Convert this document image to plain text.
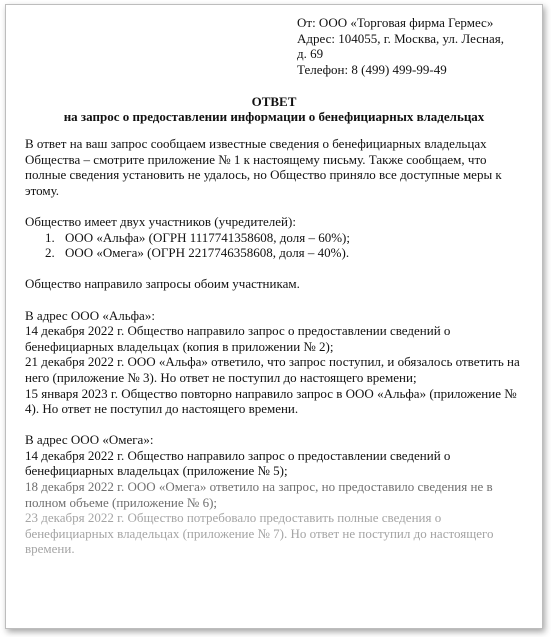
От: ООО «Торговая фирма Гермес»
Адрес: 104055, г. Москва, ул. Лесная,
д. 69
Телефон: 8 (499) 499-99-49
ОТВЕТ
на запрос о предоставлении информации о бенефициарных владельцах

В ответ на ваш запрос сообщаем известные сведения о бенефициарных владельцах Общества – смотрите приложение № 1 к настоящему письму. Также сообщаем, что полные сведения установить не удалось, но Общество приняло все доступные меры к этому.

Общество имеет двух участников (учредителей):

1. ООО «Альфа» (ОГРН 1117741358608, доля – 60%);
2. ООО «Омега» (ОГРН 2217746358608, доля – 40%).

Общество направило запросы обоим участникам.

В адрес ООО «Альфа»:

14 декабря 2022 г. Общество направило запрос о предоставлении сведений о бенефициарных владельцах (копия в приложении № 2);

21 декабря 2022 г. ООО «Альфа» ответило, что запрос поступил, и обязалось ответить на него (приложение № 3). Но ответ не поступил до настоящего времени;

15 января 2023 г. Общество повторно направило запрос в ООО «Альфа» (приложение № 4). Но ответ не поступил до настоящего времени.

В адрес ООО «Омега»:

14 декабря 2022 г. Общество направило запрос о предоставлении сведений о бенефициарных владельцах (приложение № 5);

18 декабря 2022 г. ООО «Омега» ответило на запрос, но предоставило сведения не в полном объеме (приложение № 6);

23 декабря 2022 г. Общество потребовало предоставить полные сведения о бенефициарных владельцах (приложение № 7). Но ответ не поступил до настоящего времени.
